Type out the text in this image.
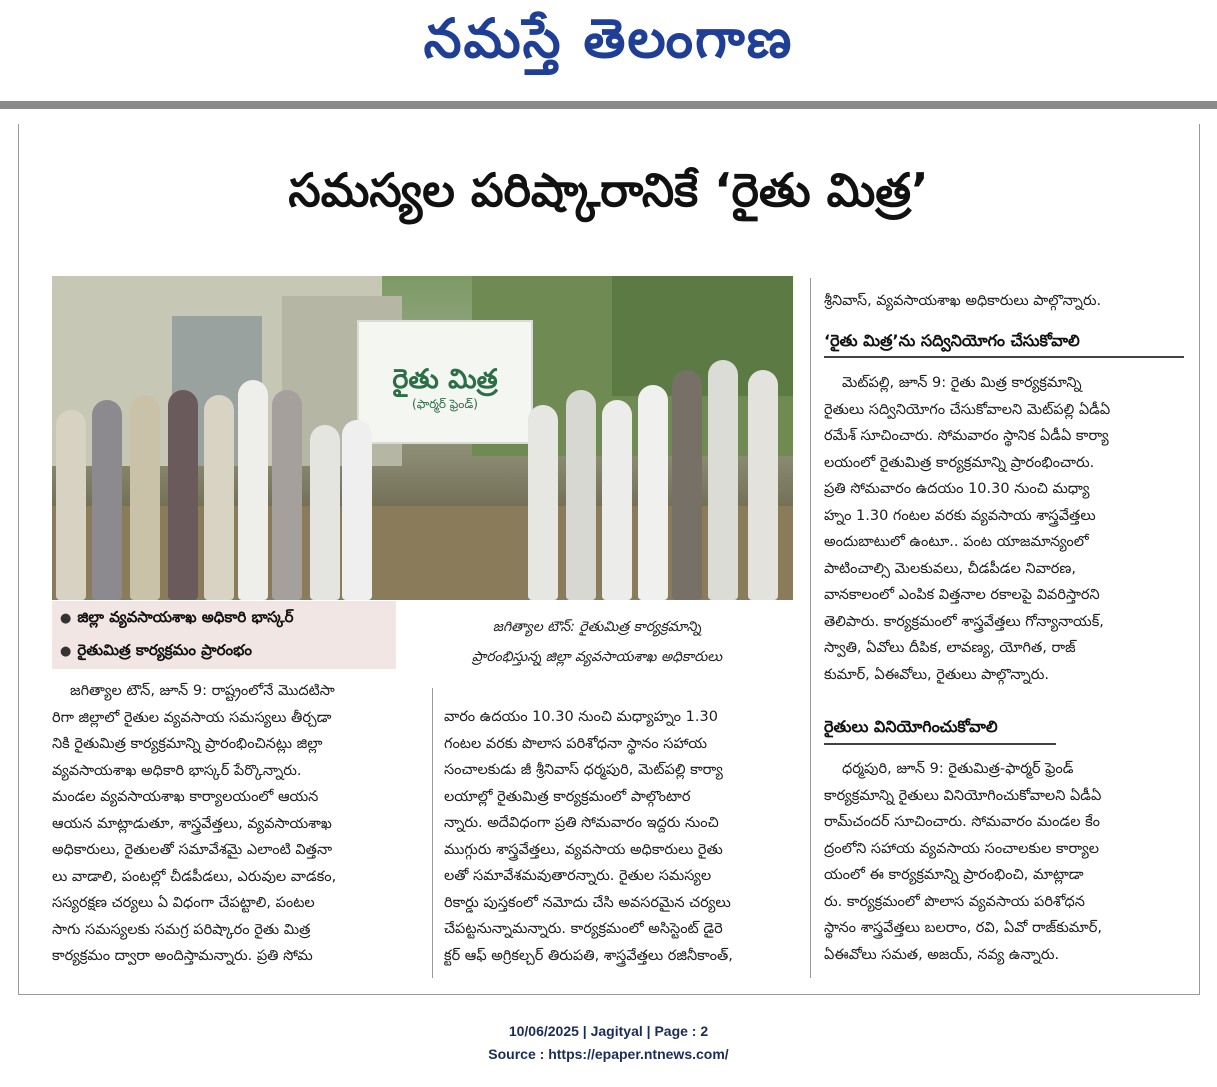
నమస్తే తెలంగాణ
సమస్యల పరిష్కారానికే ‘రైతు మిత్ర’
రైతు మిత్ర
(ఫార్మర్ ఫ్రెండ్)
● జిల్లా వ్యవసాయశాఖ అధికారి భాస్కర్
● రైతుమిత్ర కార్యక్రమం ప్రారంభం
జగిత్యాల టౌన్: రైతుమిత్ర కార్యక్రమాన్ని
ప్రారంభిస్తున్న జిల్లా వ్యవసాయశాఖ అధికారులు

జగిత్యాల టౌన్, జూన్ 9: రాష్ట్రంలోనే మొదటిసా

రిగా జిల్లాలో రైతుల వ్యవసాయ సమస్యలు తీర్చడా

నికి రైతుమిత్ర కార్యక్రమాన్ని ప్రారంభించినట్లు జిల్లా

వ్యవసాయశాఖ అధికారి భాస్కర్ పేర్కొన్నారు.

మండల వ్యవసాయశాఖ కార్యాలయంలో ఆయన

ఆయన మాట్లాడుతూ, శాస్త్రవేత్తలు, వ్యవసాయశాఖ

అధికారులు, రైతులతో సమావేశమై ఎలాంటి విత్తనా

లు వాడాలి, పంటల్లో చీడపీడలు, ఎరువుల వాడకం,

సస్యరక్షణ చర్యలు ఏ విధంగా చేపట్టాలి, పంటల

సాగు సమస్యలకు సమగ్ర పరిష్కారం రైతు మిత్ర

కార్యక్రమం ద్వారా అందిస్తామన్నారు. ప్రతి సోమ

వారం ఉదయం 10.30 నుంచి మధ్యాహ్నం 1.30

గంటల వరకు పొలాస పరిశోధనా స్థానం సహాయ

సంచాలకుడు జీ శ్రీనివాస్ ధర్మపురి, మెట్‌పల్లి కార్యా

లయాల్లో రైతుమిత్ర కార్యక్రమంలో పాల్గొంటార

న్నారు. అదేవిధంగా ప్రతి సోమవారం ఇద్దరు నుంచి

ముగ్గురు శాస్త్రవేత్తలు, వ్యవసాయ అధికారులు రైతు

లతో సమావేశమవుతారన్నారు. రైతుల సమస్యల

రికార్డు పుస్తకంలో నమోదు చేసి అవసరమైన చర్యలు

చేపట్టనున్నామన్నారు. కార్యక్రమంలో అసిస్టెంట్ డైరె

క్టర్ ఆఫ్ అగ్రికల్చర్ తిరుపతి, శాస్త్రవేత్తలు రజినీకాంత్,

శ్రీనివాస్, వ్యవసాయశాఖ అధికారులు పాల్గొన్నారు.

‘రైతు మిత్ర’ను సద్వినియోగం చేసుకోవాలి

మెట్‌పల్లి, జూన్ 9: రైతు మిత్ర కార్యక్రమాన్ని

రైతులు సద్వినియోగం చేసుకోవాలని మెట్‌పల్లి ఏడీఏ

రమేశ్ సూచించారు. సోమవారం స్థానిక ఏడీఏ కార్యా

లయంలో రైతుమిత్ర కార్యక్రమాన్ని ప్రారంభించారు.

ప్రతి సోమవారం ఉదయం 10.30 నుంచి మధ్యా

హ్నం 1.30 గంటల వరకు వ్యవసాయ శాస్త్రవేత్తలు

అందుబాటులో ఉంటూ.. పంట యాజమాన్యంలో

పాటించాల్సి మెలకువలు, చీడపీడల నివారణ,

వానకాలంలో ఎంపిక విత్తనాల రకాలపై వివరిస్తారని

తెలిపారు. కార్యక్రమంలో శాస్త్రవేత్తలు గోన్యానాయక్,

స్వాతి, ఏవోలు దీపిక, లావణ్య, యోగిత, రాజ్

కుమార్, ఏఈవోలు, రైతులు పాల్గొన్నారు.

రైతులు వినియోగించుకోవాలి

ధర్మపురి, జూన్ 9: రైతుమిత్ర-ఫార్మర్ ఫ్రెండ్

కార్యక్రమాన్ని రైతులు వినియోగించుకోవాలని ఏడీఏ

రామ్‌చందర్ సూచించారు. సోమవారం మండల కేం

ద్రంలోని సహాయ వ్యవసాయ సంచాలకుల కార్యాల

యంలో ఈ కార్యక్రమాన్ని ప్రారంభించి, మాట్లాడా

రు. కార్యక్రమంలో పొలాస వ్యవసాయ పరిశోధన

స్థానం శాస్త్రవేత్తలు బలరాం, రవి, ఏవో రాజ్‌కుమార్,

ఏఈవోలు సమత, అజయ్, నవ్య ఉన్నారు.

10/06/2025 | Jagityal | Page : 2
Source : https://epaper.ntnews.com/
